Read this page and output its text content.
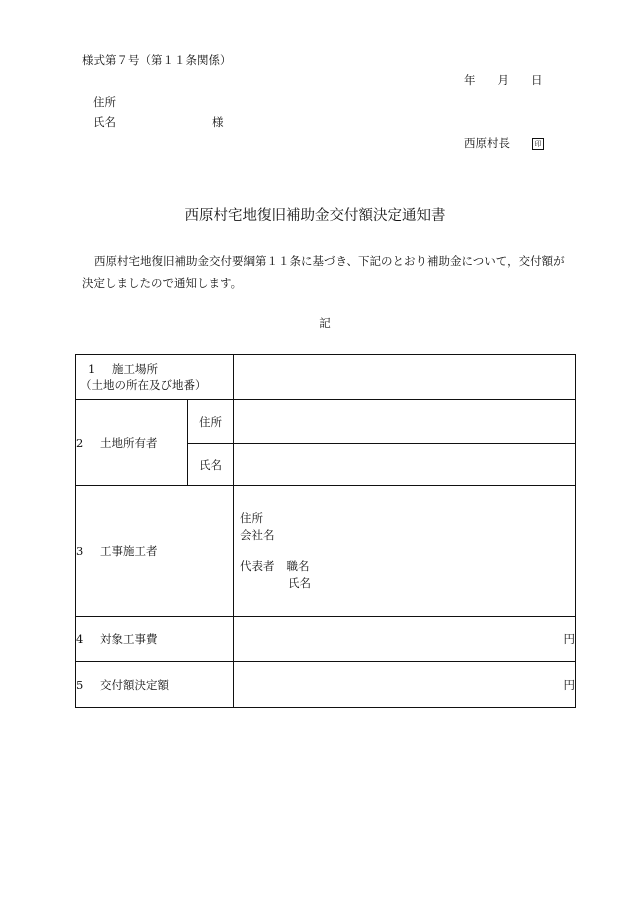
様式第７号（第１１条関係）
年 月 日
住所
氏名	様
西原村長	印
西原村宅地復旧補助金交付額決定通知書
西原村宅地復旧補助金交付要綱第１１条に基づき、下記のとおり補助金について，交付額が決定しましたので通知します。
記
1 施工場所
（土地の所在及び地番）		

2 土地所有者	住所	
	氏名	
3 工事施工者		住所
会社名
代表者 職名
氏名

4 対象工事費		円
5 交付額決定額		円
